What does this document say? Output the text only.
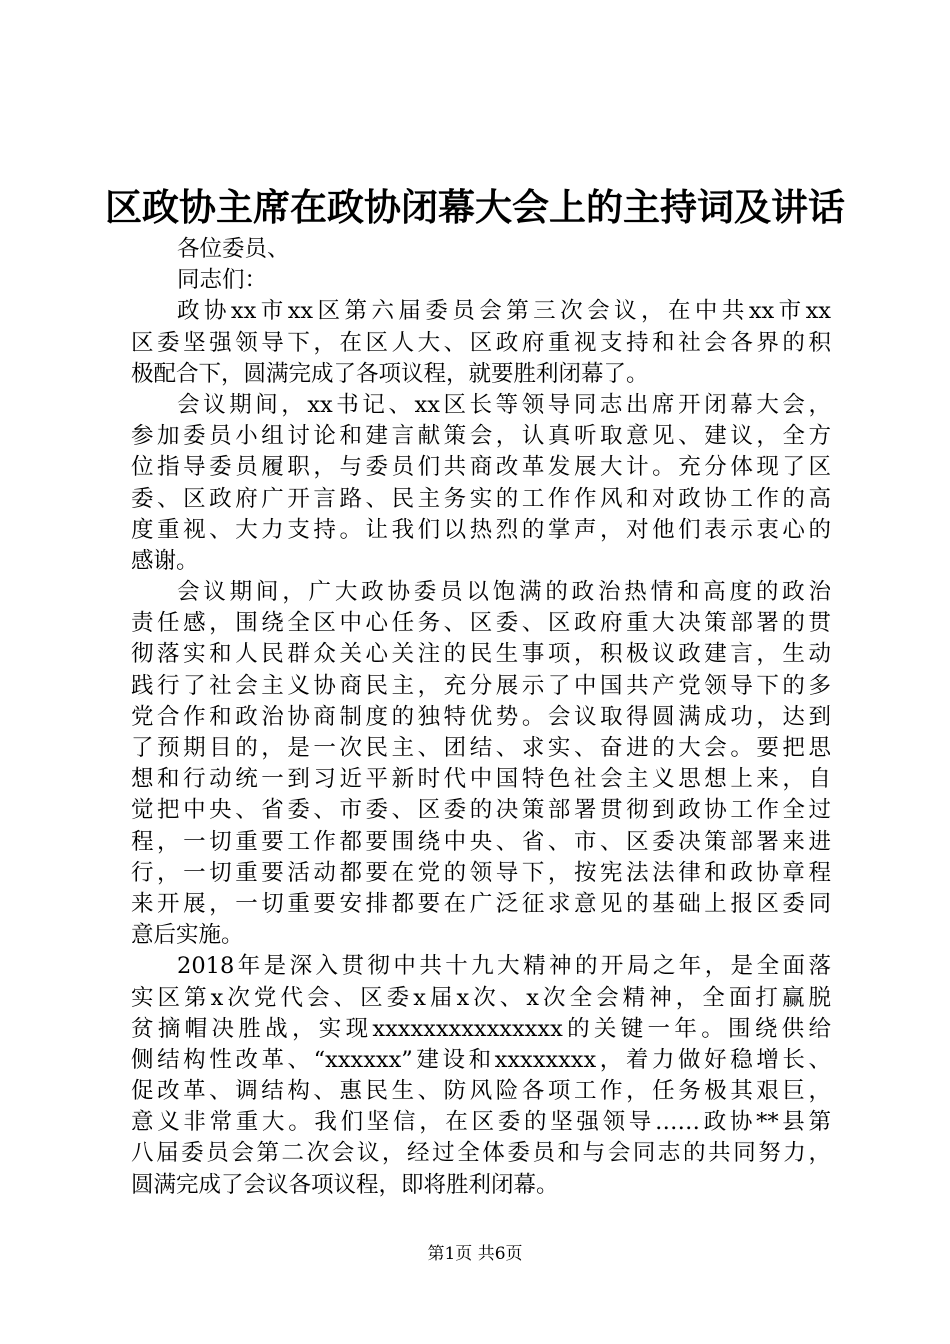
区政协主席在政协闭幕大会上的主持词及讲话
各位委员、
同志们：
政协xx市xx区第六届委员会第三次会议，在中共xx市xx
区委坚强领导下，在区人大、区政府重视支持和社会各界的积
极配合下，圆满完成了各项议程，就要胜利闭幕了。
会议期间，xx书记、xx区长等领导同志出席开闭幕大会，
参加委员小组讨论和建言献策会，认真听取意见、建议，全方
位指导委员履职，与委员们共商改革发展大计。充分体现了区
委、区政府广开言路、民主务实的工作作风和对政协工作的高
度重视、大力支持。让我们以热烈的掌声，对他们表示衷心的
感谢。
会议期间，广大政协委员以饱满的政治热情和高度的政治
责任感，围绕全区中心任务、区委、区政府重大决策部署的贯
彻落实和人民群众关心关注的民生事项，积极议政建言，生动
践行了社会主义协商民主，充分展示了中国共产党领导下的多
党合作和政治协商制度的独特优势。会议取得圆满成功，达到
了预期目的，是一次民主、团结、求实、奋进的大会。要把思
想和行动统一到习近平新时代中国特色社会主义思想上来，自
觉把中央、省委、市委、区委的决策部署贯彻到政协工作全过
程，一切重要工作都要围绕中央、省、市、区委决策部署来进
行，一切重要活动都要在党的领导下，按宪法法律和政协章程
来开展，一切重要安排都要在广泛征求意见的基础上报区委同
意后实施。
2018年是深入贯彻中共十九大精神的开局之年，是全面落
实区第x次党代会、区委x届x次、x次全会精神，全面打赢脱
贫摘帽决胜战，实现xxxxxxxxxxxxxxx的关键一年。围绕供给
侧结构性改革、“xxxxxx”建设和xxxxxxxx，着力做好稳增长、
促改革、调结构、惠民生、防风险各项工作，任务极其艰巨，
意义非常重大。我们坚信，在区委的坚强领导……政协**县第
八届委员会第二次会议，经过全体委员和与会同志的共同努力，
圆满完成了会议各项议程，即将胜利闭幕。
第1页 共6页
